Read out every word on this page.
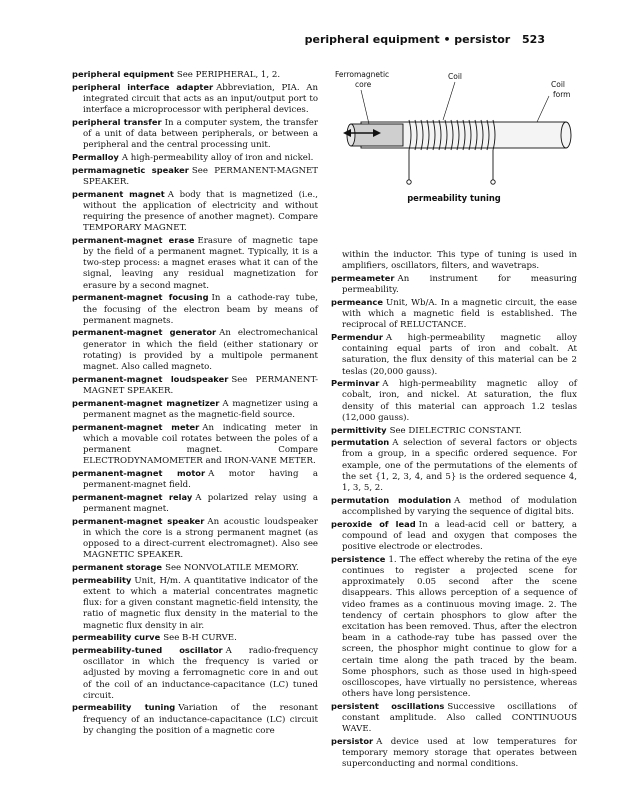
peripheral equipment • persistor 523
Ferromagnetic
core
Coil
Coil
form
permeability tuning
peripheral equipment See PERIPHERAL, 1, 2.
peripheral interface adapter Abbreviation, PIA. An integrated circuit that acts as an input/output port to interface a microprocessor with peripheral devices.
peripheral transfer In a computer system, the transfer of a unit of data between peripherals, or between a peripheral and the central processing unit.
Permalloy A high-permeability alloy of iron and nickel.
permamagnetic speaker See PERMANENT-MAGNET SPEAKER.
permanent magnet A body that is magnetized (i.e., without the application of electricity and without requiring the presence of another magnet). Compare TEMPORARY MAGNET.
permanent-magnet erase Erasure of magnetic tape by the field of a permanent magnet. Typically, it is a two-step process: a magnet erases what it can of the signal, leaving any residual magnetization for erasure by a second magnet.
permanent-magnet focusing In a cathode-ray tube, the focusing of the electron beam by means of permanent magnets.
permanent-magnet generator An electromechanical generator in which the field (either stationary or rotating) is provided by a multipole permanent magnet. Also called magneto.
permanent-magnet loudspeaker See PERMANENT-MAGNET SPEAKER.
permanent-magnet magnetizer A magnetizer using a permanent magnet as the magnetic-field source.
permanent-magnet meter An indicating meter in which a movable coil rotates between the poles of a permanent magnet. Compare ELECTRODYNAMOMETER and IRON-VANE METER.
permanent-magnet motor A motor having a permanent-magnet field.
permanent-magnet relay A polarized relay using a permanent magnet.
permanent-magnet speaker An acoustic loudspeaker in which the core is a strong permanent magnet (as opposed to a direct-current electromagnet). Also see MAGNETIC SPEAKER.
permanent storage See NONVOLATILE MEMORY.
permeability Unit, H/m. A quantitative indicator of the extent to which a material concentrates magnetic flux: for a given constant magnetic-field intensity, the ratio of magnetic flux density in the material to the magnetic flux density in air.
permeability curve See B-H CURVE.
permeability-tuned oscillator A radio-frequency oscillator in which the frequency is varied or adjusted by moving a ferromagnetic core in and out of the coil of an inductance-capacitance (LC) tuned circuit.
permeability tuning Variation of the resonant frequency of an inductance-capacitance (LC) circuit by changing the position of a magnetic core
within the inductor. This type of tuning is used in amplifiers, oscillators, filters, and wavetraps.
permeameter An instrument for measuring permeability.
permeance Unit, Wb/A. In a magnetic circuit, the ease with which a magnetic field is established. The reciprocal of RELUCTANCE.
Permendur A high-permeability magnetic alloy containing equal parts of iron and cobalt. At saturation, the flux density of this material can be 2 teslas (20,000 gauss).
Perminvar A high-permeability magnetic alloy of cobalt, iron, and nickel. At saturation, the flux density of this material can approach 1.2 teslas (12,000 gauss).
permittivity See DIELECTRIC CONSTANT.
permutation A selection of several factors or objects from a group, in a specific ordered sequence. For example, one of the permutations of the elements of the set {1, 2, 3, 4, and 5} is the ordered sequence 4, 1, 3, 5, 2.
permutation modulation A method of modulation accomplished by varying the sequence of digital bits.
peroxide of lead In a lead-acid cell or battery, a compound of lead and oxygen that composes the positive electrode or electrodes.
persistence 1. The effect whereby the retina of the eye continues to register a projected scene for approximately 0.05 second after the scene disappears. This allows perception of a sequence of video frames as a continuous moving image. 2. The tendency of certain phosphors to glow after the excitation has been removed. Thus, after the electron beam in a cathode-ray tube has passed over the screen, the phosphor might continue to glow for a certain time along the path traced by the beam. Some phosphors, such as those used in high-speed oscilloscopes, have virtually no persistence, whereas others have long persistence.
persistent oscillations Successive oscillations of constant amplitude. Also called CONTINUOUS WAVE.
persistor A device used at low temperatures for temporary memory storage that operates between superconducting and normal conditions.
